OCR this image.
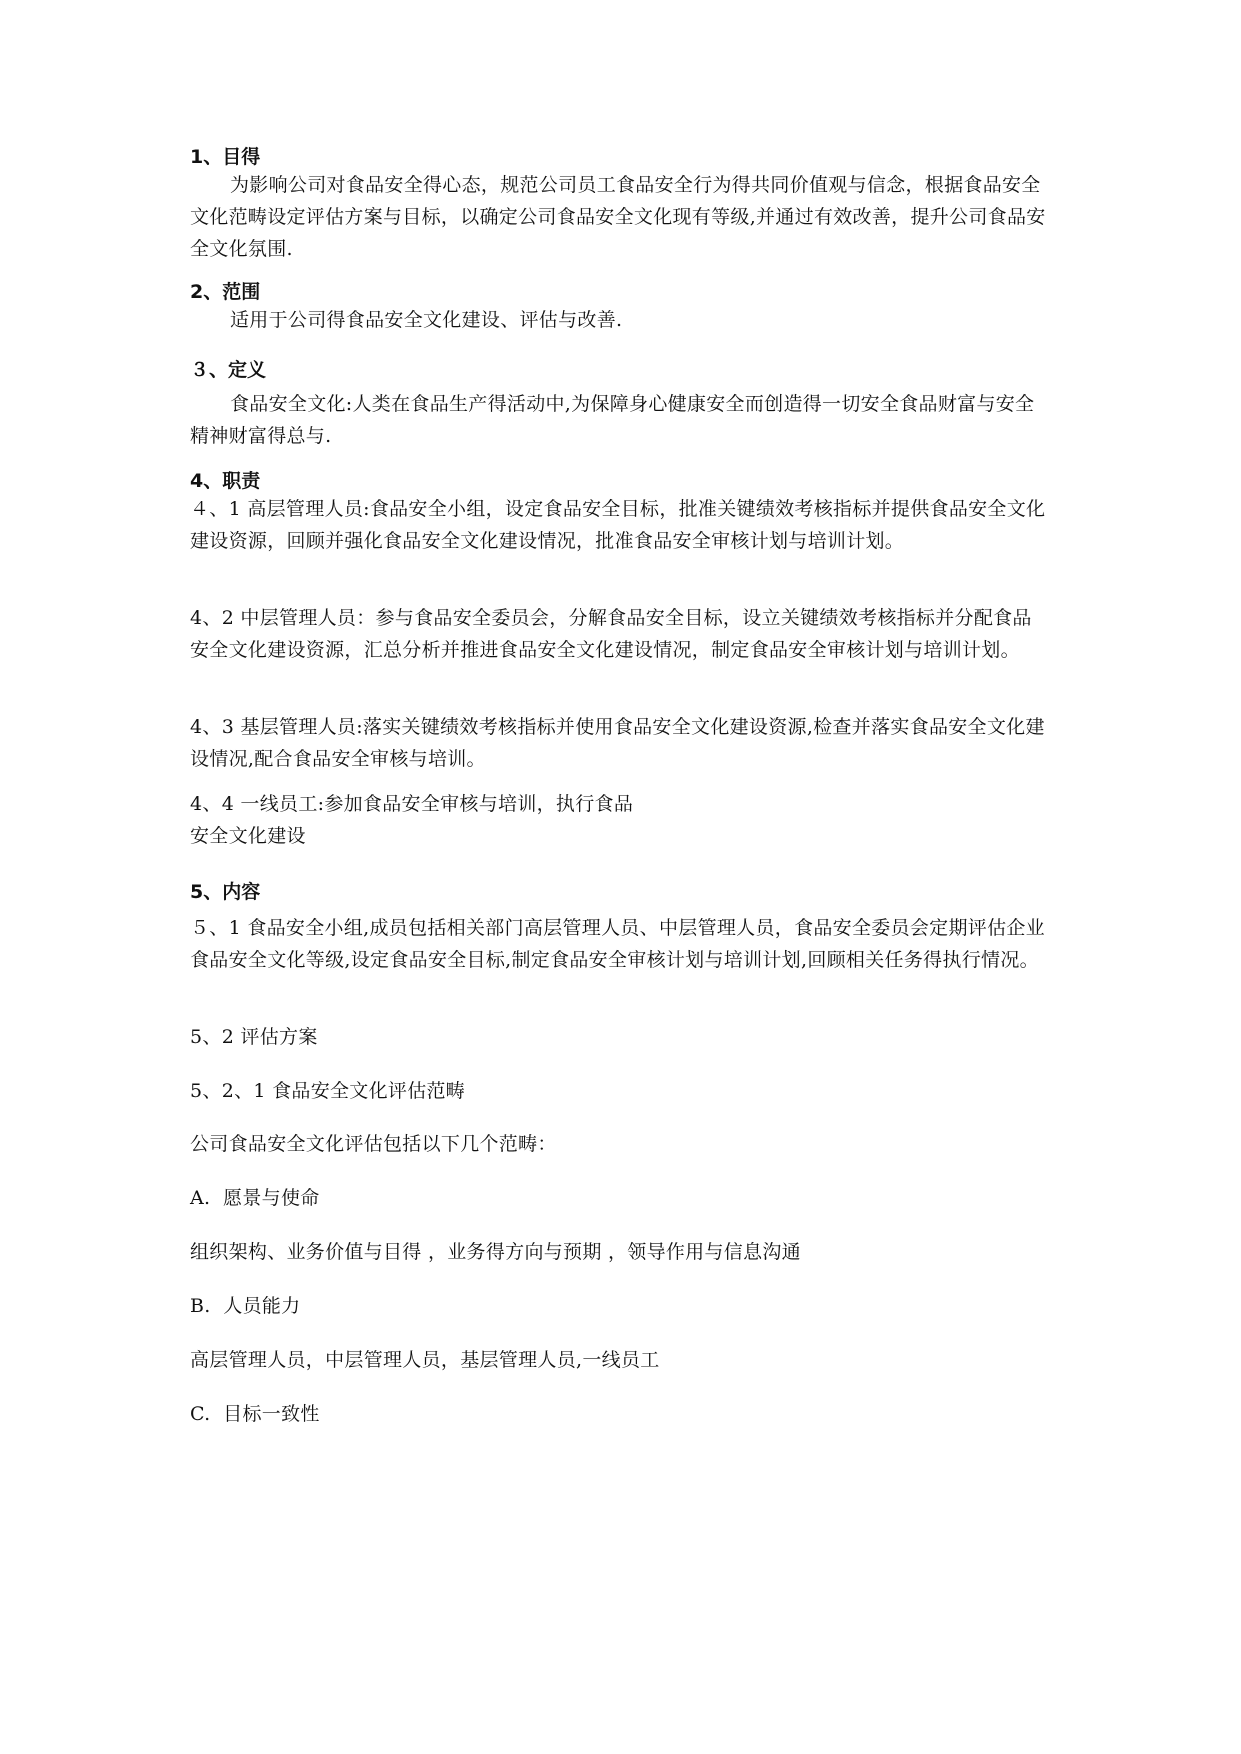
1、目得

为影响公司对食品安全得心态，规范公司员工食品安全行为得共同价值观与信念，根据食品安全文化范畴设定评估方案与目标，以确定公司食品安全文化现有等级,并通过有效改善，提升公司食品安全文化氛围.

2、范围

适用于公司得食品安全文化建设、评估与改善.

３、定义

食品安全文化:人类在食品生产得活动中,为保障身心健康安全而创造得一切安全食品财富与安全精神财富得总与.

4、职责

４、1 高层管理人员:食品安全小组，设定食品安全目标，批准关键绩效考核指标并提供食品安全文化建设资源，回顾并强化食品安全文化建设情况，批准食品安全审核计划与培训计划。

4、2 中层管理人员：参与食品安全委员会，分解食品安全目标，设立关键绩效考核指标并分配食品安全文化建设资源，汇总分析并推进食品安全文化建设情况，制定食品安全审核计划与培训计划。

4、3 基层管理人员:落实关键绩效考核指标并使用食品安全文化建设资源,检查并落实食品安全文化建设情况,配合食品安全审核与培训。

4、4 一线员工:参加食品安全审核与培训，执行食品

安全文化建设

5、内容

５、1 食品安全小组,成员包括相关部门高层管理人员、中层管理人员，食品安全委员会定期评估企业食品安全文化等级,设定食品安全目标,制定食品安全审核计划与培训计划,回顾相关任务得执行情况。

5、2 评估方案

5、2、1 食品安全文化评估范畴

公司食品安全文化评估包括以下几个范畴：

A.  愿景与使命

组织架构、业务价值与目得 ，业务得方向与预期 ，领导作用与信息沟通

B.  人员能力

高层管理人员，中层管理人员，基层管理人员,一线员工

C.  目标一致性
